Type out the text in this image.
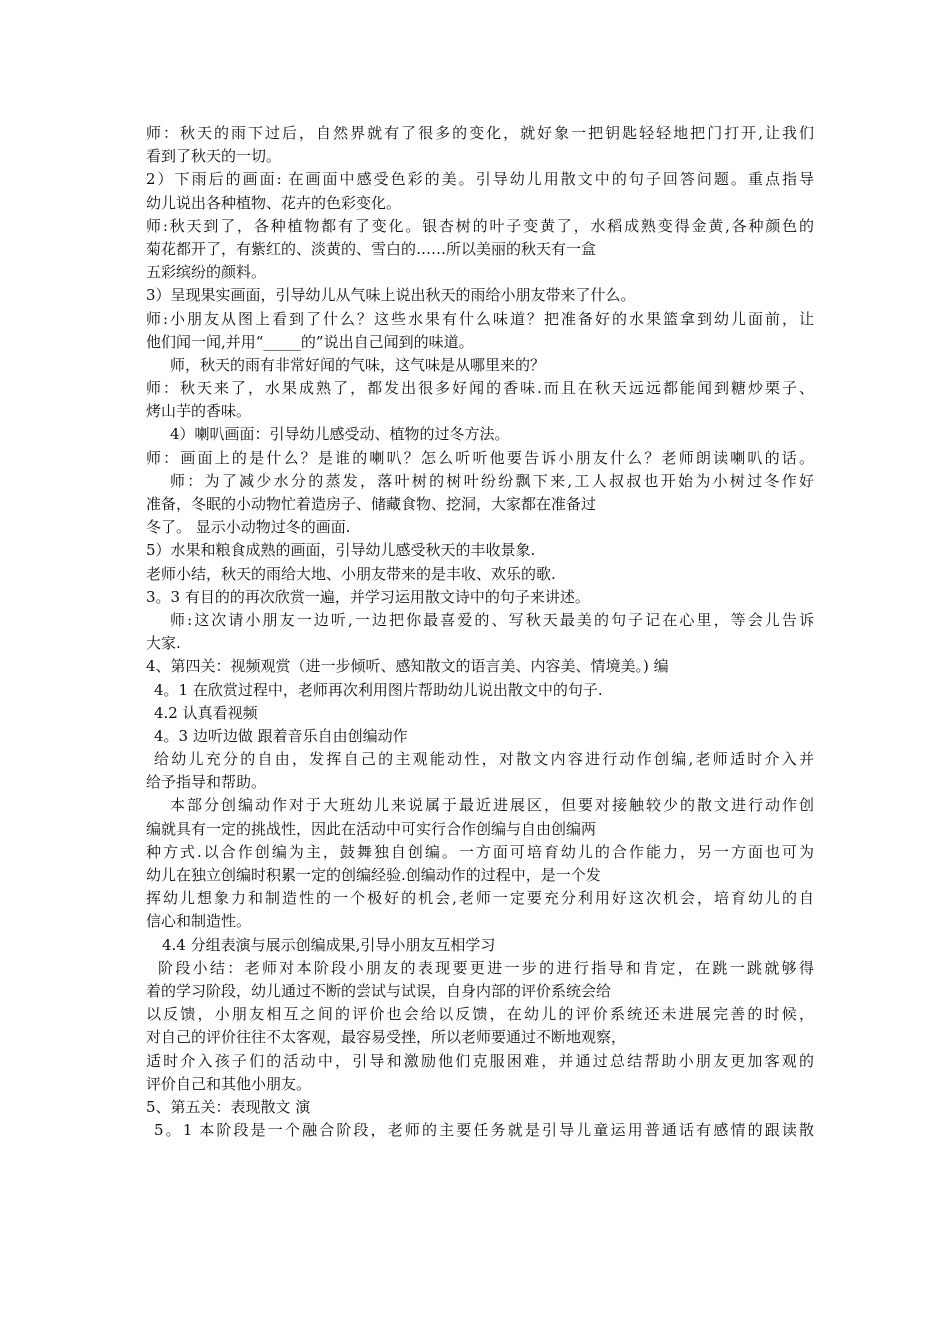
师：秋天的雨下过后，自然界就有了很多的变化，就好象一把钥匙轻轻地把门打开,让我们
看到了秋天的一切。
2）下雨后的画面: 在画面中感受色彩的美。引导幼儿用散文中的句子回答问题。重点指导
幼儿说出各种植物、花卉的色彩变化。
师:秋天到了，各种植物都有了变化。银杏树的叶子变黄了，水稻成熟变得金黄,各种颜色的
菊花都开了，有紫红的、淡黄的、雪白的……所以美丽的秋天有一盒
五彩缤纷的颜料。
3）呈现果实画面，引导幼儿从气味上说出秋天的雨给小朋友带来了什么。
师:小朋友从图上看到了什么？这些水果有什么味道？把准备好的水果篮拿到幼儿面前，让
他们闻一闻,并用“_____的”说出自己闻到的味道。
师，秋天的雨有非常好闻的气味，这气味是从哪里来的？
师：秋天来了，水果成熟了，都发出很多好闻的香味.而且在秋天远远都能闻到糖炒栗子、
烤山芋的香味。
4）喇叭画面：引导幼儿感受动、植物的过冬方法。
师：画面上的是什么？是谁的喇叭？怎么听听他要告诉小朋友什么？老师朗读喇叭的话。
师：为了减少水分的蒸发，落叶树的树叶纷纷飘下来,工人叔叔也开始为小树过冬作好
准备，冬眠的小动物忙着造房子、储藏食物、挖洞，大家都在准备过
冬了。 显示小动物过冬的画面.
5）水果和粮食成熟的画面，引导幼儿感受秋天的丰收景象.
老师小结，秋天的雨给大地、小朋友带来的是丰收、欢乐的歌.
3。3 有目的的再次欣赏一遍，并学习运用散文诗中的句子来讲述。
师:这次请小朋友一边听,一边把你最喜爱的、写秋天最美的句子记在心里，等会儿告诉
大家.
4、第四关：视频观赏（进一步倾听、感知散文的语言美、内容美、情境美。) 编
4。1 在欣赏过程中，老师再次利用图片帮助幼儿说出散文中的句子.
4.2 认真看视频
4。3 边听边做 跟着音乐自由创编动作
给幼儿充分的自由，发挥自己的主观能动性，对散文内容进行动作创编,老师适时介入并
给予指导和帮助。
本部分创编动作对于大班幼儿来说属于最近进展区，但要对接触较少的散文进行动作创
编就具有一定的挑战性，因此在活动中可实行合作创编与自由创编两
种方式.以合作创编为主，鼓舞独自创编。一方面可培育幼儿的合作能力，另一方面也可为
幼儿在独立创编时积累一定的创编经验.创编动作的过程中，是一个发
挥幼儿想象力和制造性的一个极好的机会,老师一定要充分利用好这次机会，培育幼儿的自
信心和制造性。
4.4 分组表演与展示创编成果,引导小朋友互相学习
阶段小结：老师对本阶段小朋友的表现要更进一步的进行指导和肯定，在跳一跳就够得
着的学习阶段，幼儿通过不断的尝试与试误，自身内部的评价系统会给
以反馈，小朋友相互之间的评价也会给以反馈，在幼儿的评价系统还未进展完善的时候，
对自己的评价往往不太客观，最容易受挫，所以老师要通过不断地观察，
适时介入孩子们的活动中，引导和激励他们克服困难，并通过总结帮助小朋友更加客观的
评价自己和其他小朋友。
5、第五关：表现散文 演
5。1 本阶段是一个融合阶段，老师的主要任务就是引导儿童运用普通话有感情的跟读散
